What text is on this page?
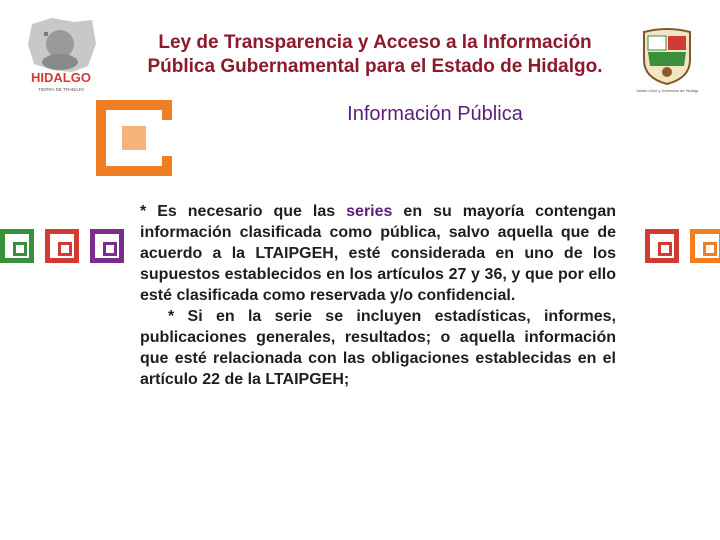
HIDALGO
TIERRA DE TRABAJO	Estado Libre y Soberano de Hidalgo
Ley de Transparencia y Acceso a la Información
Pública Gubernamental para el Estado de Hidalgo.
Información Pública

* Es necesario que las series en su mayoría contengan información clasificada como pública, salvo aquella que de acuerdo a la LTAIPGEH, esté considerada en uno de los supuestos establecidos en los artículos 27 y 36, y que por ello esté clasificada como reservada y/o confidencial.

* Si en la serie se incluyen estadísticas, informes, publicaciones generales, resultados; o aquella información que esté relacionada con las obligaciones establecidas en el artículo 22 de la LTAIPGEH;
